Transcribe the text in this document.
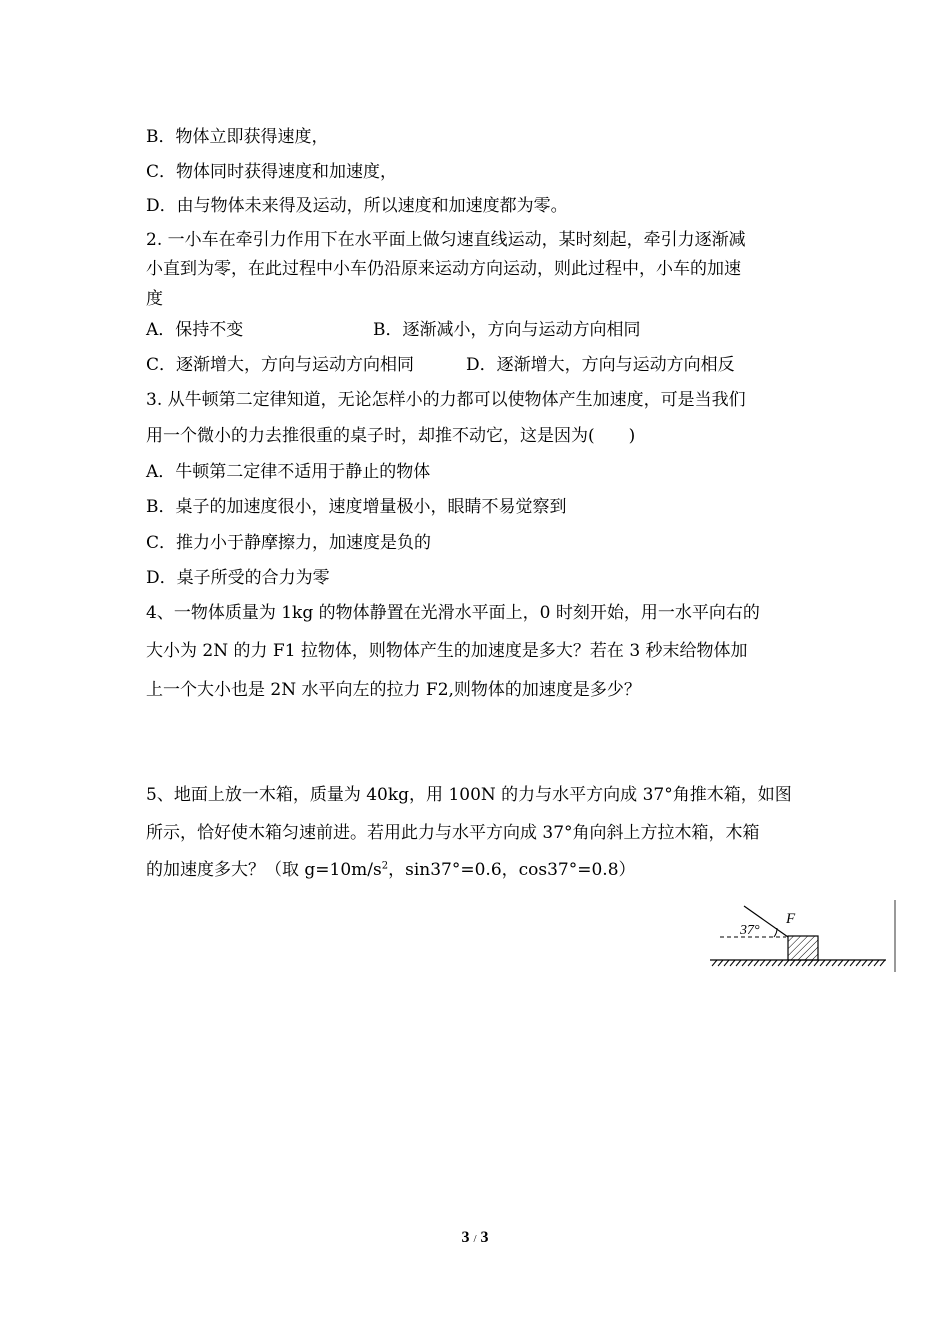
B．物体立即获得速度，
C．物体同时获得速度和加速度，
D．由与物体未来得及运动，所以速度和加速度都为零。
2. 一小车在牵引力作用下在水平面上做匀速直线运动，某时刻起，牵引力逐渐减
小直到为零，在此过程中小车仍沿原来运动方向运动，则此过程中，小车的加速
度
A．保持不变	B．逐渐减小，方向与运动方向相同
C．逐渐增大，方向与运动方向相同	D．逐渐增大，方向与运动方向相反
3. 从牛顿第二定律知道，无论怎样小的力都可以使物体产生加速度，可是当我们
用一个微小的力去推很重的桌子时，却推不动它，这是因为(　　)
A．牛顿第二定律不适用于静止的物体
B．桌子的加速度很小，速度增量极小，眼睛不易觉察到
C．推力小于静摩擦力，加速度是负的
D．桌子所受的合力为零
4、一物体质量为 1kg 的物体静置在光滑水平面上，0 时刻开始，用一水平向右的
大小为 2N 的力 F1 拉物体，则物体产生的加速度是多大？若在 3 秒末给物体加
上一个大小也是 2N 水平向左的拉力 F2,则物体的加速度是多少？
5、地面上放一木箱，质量为 40kg，用 100N 的力与水平方向成 37°角推木箱，如图
所示，恰好使木箱匀速前进。若用此力与水平方向成 37°角向斜上方拉木箱，木箱
的加速度多大？（取 $g=10m/s^2$，sin37°=0.6，cos37°=0.8）
37°
F
3 / 3
